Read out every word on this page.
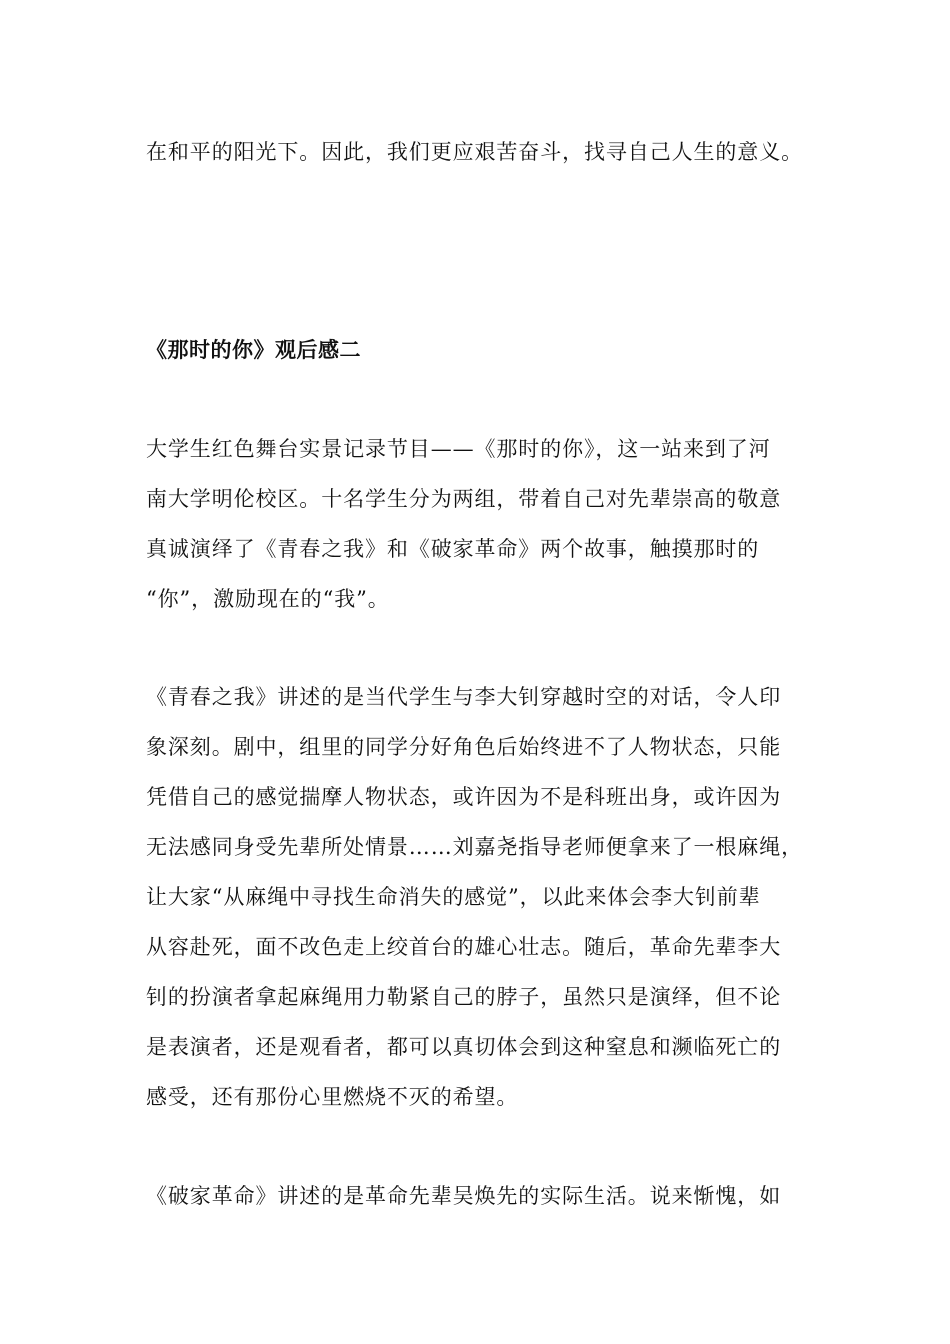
在和平的阳光下。因此，我们更应艰苦奋斗，找寻自己人生的意义。
《那时的你》观后感二
大学生红色舞台实景记录节目——《那时的你》，这一站来到了河
南大学明伦校区。十名学生分为两组，带着自己对先辈崇高的敬意
真诚演绎了《青春之我》和《破家革命》两个故事，触摸那时的
“你”，激励现在的“我”。
《青春之我》讲述的是当代学生与李大钊穿越时空的对话，令人印
象深刻。剧中，组里的同学分好角色后始终进不了人物状态，只能
凭借自己的感觉揣摩人物状态，或许因为不是科班出身，或许因为
无法感同身受先辈所处情景……刘嘉尧指导老师便拿来了一根麻绳，
让大家“从麻绳中寻找生命消失的感觉”，以此来体会李大钊前辈
从容赴死，面不改色走上绞首台的雄心壮志。随后，革命先辈李大
钊的扮演者拿起麻绳用力勒紧自己的脖子，虽然只是演绎，但不论
是表演者，还是观看者，都可以真切体会到这种窒息和濒临死亡的
感受，还有那份心里燃烧不灭的希望。
《破家革命》讲述的是革命先辈吴焕先的实际生活。说来惭愧，如
